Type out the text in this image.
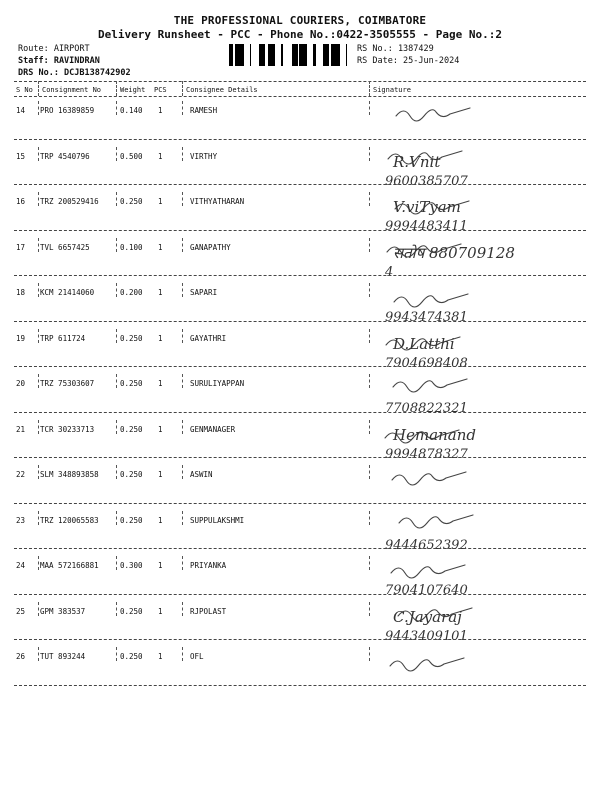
THE PROFESSIONAL COURIERS, COIMBATORE
Delivery Runsheet - PCC - Phone No.:0422-3505555 - Page No.:2
Route: AIRPORT
Staff: RAVINDRAN
DRS No.: DCJB138742902
RS No.: 1387429
RS Date: 25-Jun-2024
S No Consignment No	Weight PCS	Consignee Details	Signature
14 PRO 16389859	0.140 1	RAMESH
15 TRP 4540796	0.500 1	VIRTHY	R.Vnit
9600385707
16 TRZ 200529416	0.250 1	VITHYATHARAN	V.viTyam
9994483411
17 TVL 6657425	0.100 1	GANAPATHY	सतोष 880709128
4
18 KCM 21414060	0.200 1	SAPARI
9943474381
19 TRP 611724	0.250 1	GAYATHRI	D.Latthi
7904698408
20 TRZ 75303607	0.250 1	SURULIYAPPAN
7708822321
21 TCR 30233713	0.250 1	GENMANAGER	Hemanand
9994878327
22 SLM 348893858	0.250 1	ASWIN
23 TRZ 120065583	0.250 1	SUPPULAKSHMI
9444652392
24 MAA 572166881	0.300 1	PRIYANKA
7904107640
25 GPM 383537	0.250 1	RJPOLAST	C.Jayaraj
9443409101
26 TUT 893244	0.250 1	OFL
